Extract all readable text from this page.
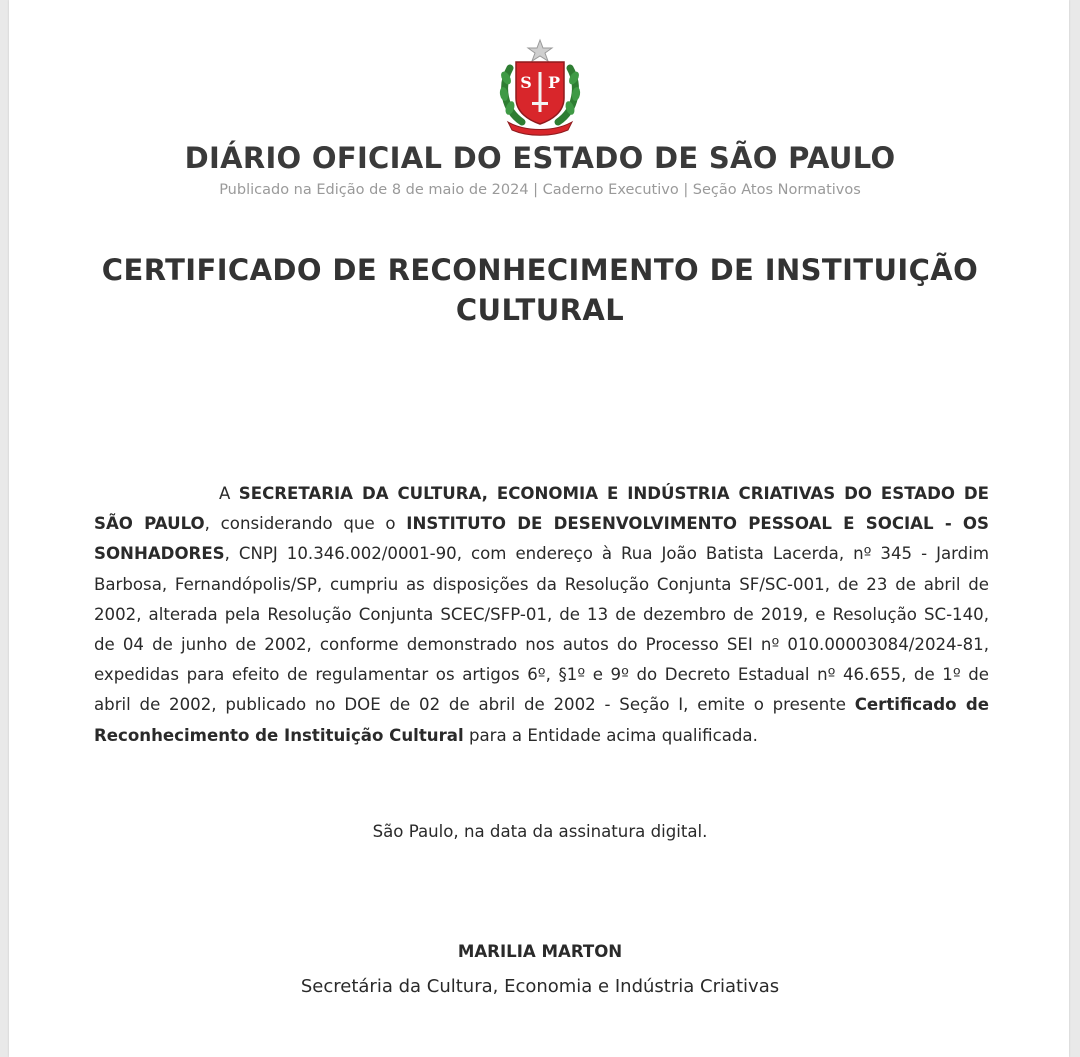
S P
DIÁRIO OFICIAL DO ESTADO DE SÃO PAULO
Publicado na Edição de 8 de maio de 2024 | Caderno Executivo | Seção Atos Normativos
CERTIFICADO DE RECONHECIMENTO DE INSTITUIÇÃO CULTURAL
A SECRETARIA DA CULTURA, ECONOMIA E INDÚSTRIA CRIATIVAS DO ESTADO DE SÃO PAULO, considerando que o INSTITUTO DE DESENVOLVIMENTO PESSOAL E SOCIAL - OS SONHADORES, CNPJ 10.346.002/0001-90, com endereço à Rua João Batista Lacerda, nº 345 - Jardim Barbosa, Fernandópolis/SP, cumpriu as disposições da Resolução Conjunta SF/SC-001, de 23 de abril de 2002, alterada pela Resolução Conjunta SCEC/SFP-01, de 13 de dezembro de 2019, e Resolução SC-140, de 04 de junho de 2002, conforme demonstrado nos autos do Processo SEI nº 010.00003084/2024-81, expedidas para efeito de regulamentar os artigos 6º, §1º e 9º do Decreto Estadual nº 46.655, de 1º de abril de 2002, publicado no DOE de 02 de abril de 2002 - Seção I, emite o presente Certificado de Reconhecimento de Instituição Cultural para a Entidade acima qualificada.
São Paulo, na data da assinatura digital.
MARILIA MARTON
Secretária da Cultura, Economia e Indústria Criativas
